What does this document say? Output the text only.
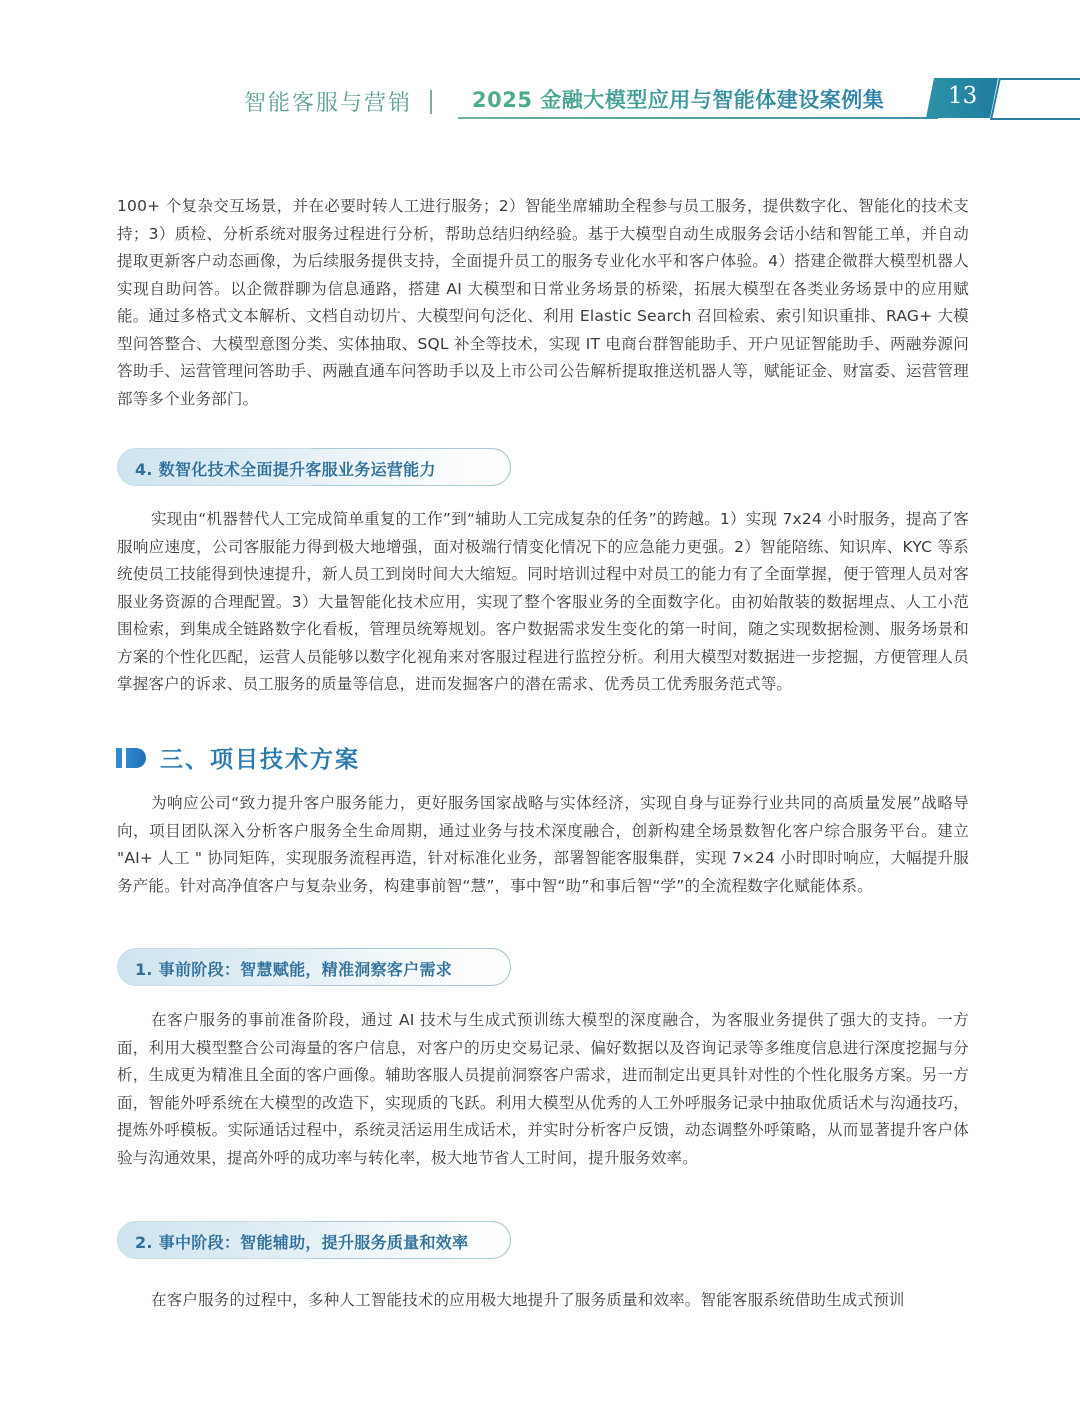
智能客服与营销	2025 金融大模型应用与智能体建设案例集	13

100+ 个复杂交互场景，并在必要时转人工进行服务；2）智能坐席辅助全程参与员工服务，提供数字化、智能化的技术支持；3）质检、分析系统对服务过程进行分析，帮助总结归纳经验。基于大模型自动生成服务会话小结和智能工单，并自动提取更新客户动态画像，为后续服务提供支持，全面提升员工的服务专业化水平和客户体验。4）搭建企微群大模型机器人实现自助问答。以企微群聊为信息通路，搭建 AI 大模型和日常业务场景的桥梁，拓展大模型在各类业务场景中的应用赋能。通过多格式文本解析、文档自动切片、大模型问句泛化、利用 Elastic Search 召回检索、索引知识重排、RAG+ 大模型问答整合、大模型意图分类、实体抽取、SQL 补全等技术，实现 IT 电商台群智能助手、开户见证智能助手、两融券源问答助手、运营管理问答助手、两融直通车问答助手以及上市公司公告解析提取推送机器人等，赋能证金、财富委、运营管理部等多个业务部门。

4. 数智化技术全面提升客服业务运营能力

实现由“机器替代人工完成简单重复的工作”到“辅助人工完成复杂的任务”的跨越。1）实现 7x24 小时服务，提高了客服响应速度，公司客服能力得到极大地增强，面对极端行情变化情况下的应急能力更强。2）智能陪练、知识库、KYC 等系统使员工技能得到快速提升，新人员工到岗时间大大缩短。同时培训过程中对员工的能力有了全面掌握，便于管理人员对客服业务资源的合理配置。3）大量智能化技术应用，实现了整个客服业务的全面数字化。由初始散装的数据埋点、人工小范围检索，到集成全链路数字化看板，管理员统筹规划。客户数据需求发生变化的第一时间，随之实现数据检测、服务场景和方案的个性化匹配，运营人员能够以数字化视角来对客服过程进行监控分析。利用大模型对数据进一步挖掘，方便管理人员掌握客户的诉求、员工服务的质量等信息，进而发掘客户的潜在需求、优秀员工优秀服务范式等。

三、项目技术方案

为响应公司“致力提升客户服务能力，更好服务国家战略与实体经济，实现自身与证券行业共同的高质量发展”战略导向，项目团队深入分析客户服务全生命周期，通过业务与技术深度融合，创新构建全场景数智化客户综合服务平台。建立 "AI+ 人工 " 协同矩阵，实现服务流程再造，针对标准化业务，部署智能客服集群，实现 7×24 小时即时响应，大幅提升服务产能。针对高净值客户与复杂业务，构建事前智“慧”，事中智“助”和事后智“学”的全流程数字化赋能体系。

1. 事前阶段：智慧赋能，精准洞察客户需求

在客户服务的事前准备阶段，通过 AI 技术与生成式预训练大模型的深度融合，为客服业务提供了强大的支持。一方面，利用大模型整合公司海量的客户信息，对客户的历史交易记录、偏好数据以及咨询记录等多维度信息进行深度挖掘与分析，生成更为精准且全面的客户画像。辅助客服人员提前洞察客户需求，进而制定出更具针对性的个性化服务方案。另一方面，智能外呼系统在大模型的改造下，实现质的飞跃。利用大模型从优秀的人工外呼服务记录中抽取优质话术与沟通技巧，提炼外呼模板。实际通话过程中，系统灵活运用生成话术，并实时分析客户反馈，动态调整外呼策略，从而显著提升客户体验与沟通效果，提高外呼的成功率与转化率，极大地节省人工时间，提升服务效率。

2. 事中阶段：智能辅助，提升服务质量和效率

在客户服务的过程中，多种人工智能技术的应用极大地提升了服务质量和效率。智能客服系统借助生成式预训
